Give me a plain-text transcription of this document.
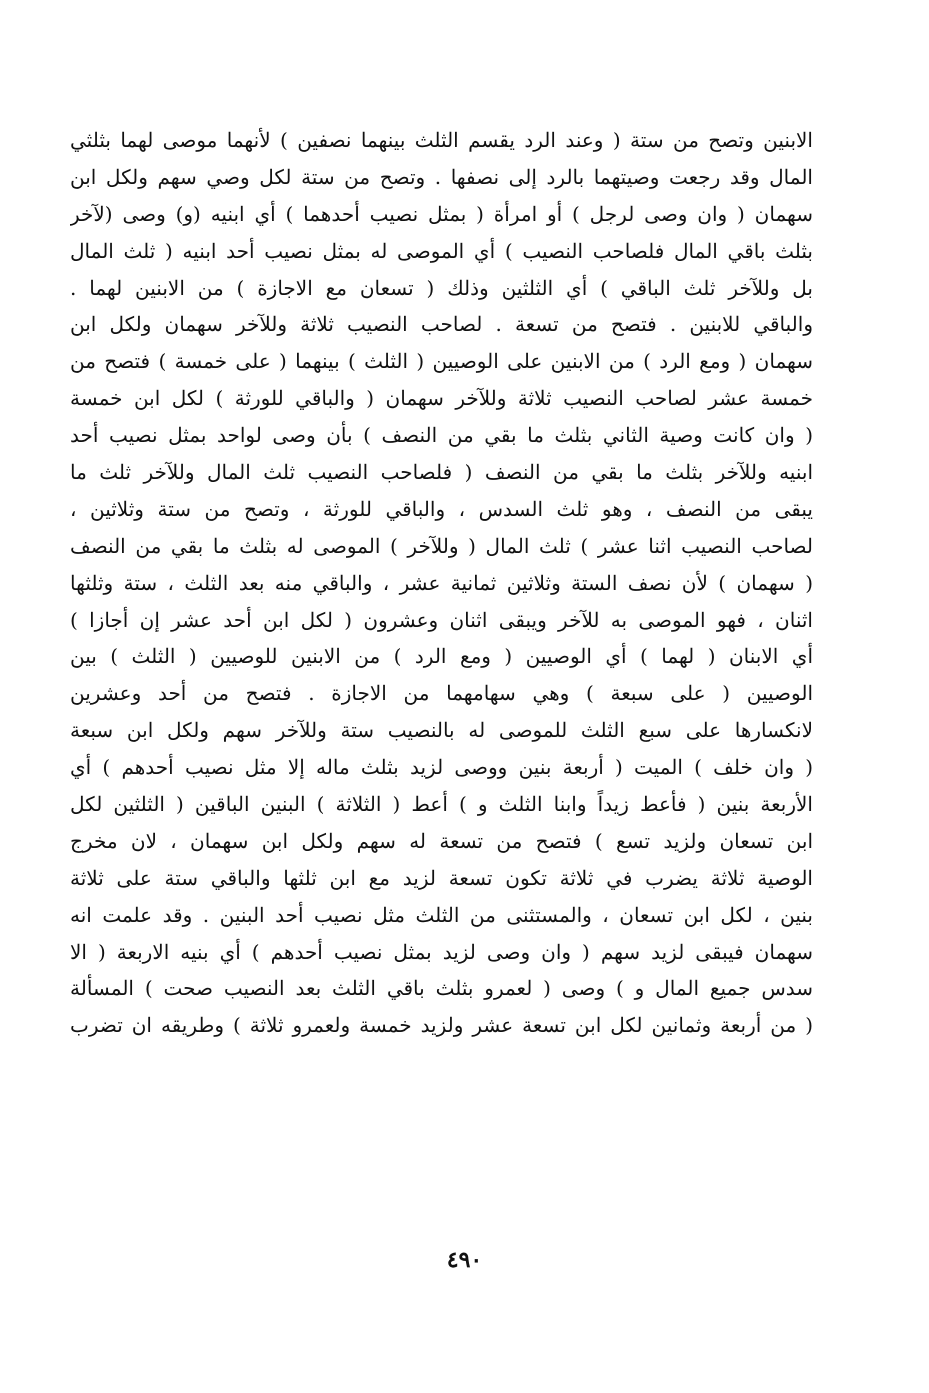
الابنين وتصح من ستة ( وعند الرد يقسم الثلث بينهما نصفين ) لأنهما موصى لهما بثلثي
المال وقد رجعت وصيتهما بالرد إلى نصفها . وتصح من ستة لكل وصي سهم ولكل ابن
سهمان ( وان وصى لرجل ) أو امرأة ( بمثل نصيب أحدهما ) أي ابنيه (و) وصى (لآخر
بثلث باقي المال فلصاحب النصيب ) أي الموصى له بمثل نصيب أحد ابنيه ( ثلث المال
بل وللآخر ثلث الباقي ) أي الثلثين وذلك ( تسعان مع الاجازة ) من الابنين لهما .
والباقي للابنين . فتصح من تسعة . لصاحب النصيب ثلاثة وللآخر سهمان ولكل ابن
سهمان ( ومع الرد ) من الابنين على الوصيين ( الثلث ) بينهما ( على خمسة ) فتصح من
خمسة عشر لصاحب النصيب ثلاثة وللآخر سهمان ( والباقي للورثة ) لكل ابن خمسة
( وان كانت وصية الثاني بثلث ما بقي من النصف ) بأن وصى لواحد بمثل نصيب أحد
ابنيه وللآخر بثلث ما بقي من النصف ( فلصاحب النصيب ثلث المال وللآخر ثلث ما
يبقى من النصف ، وهو ثلث السدس ، والباقي للورثة ، وتصح من ستة وثلاثين ،
لصاحب النصيب اثنا عشر ) ثلث المال ( وللآخر ) الموصى له بثلث ما بقي من النصف
( سهمان ) لأن نصف الستة وثلاثين ثمانية عشر ، والباقي منه بعد الثلث ، ستة وثلثها
اثنان ، فهو الموصى به للآخر ويبقى اثنان وعشرون ( لكل ابن أحد عشر إن أجازا )
أي الابنان ( لهما ) أي الوصيين ( ومع الرد ) من الابنين للوصيين ( الثلث ) بين
الوصيين ( على سبعة ) وهي سهامهما من الاجازة . فتصح من أحد وعشرين
لانكسارها على سبع الثلث للموصى له بالنصيب ستة وللآخر سهم ولكل ابن سبعة
( وان خلف ) الميت ( أربعة بنين ووصى لزيد بثلث ماله إلا مثل نصيب أحدهم ) أي
الأربعة بنين ( فأعط زيداً وابنا الثلث و ) أعط ( الثلاثة ) البنين الباقين ( الثلثين لكل
ابن تسعان ولزيد تسع ) فتصح من تسعة له سهم ولكل ابن سهمان ، لان مخرج
الوصية ثلاثة يضرب في ثلاثة تكون تسعة لزيد مع ابن ثلثها والباقي ستة على ثلاثة
بنين ، لكل ابن تسعان ، والمستثنى من الثلث مثل نصيب أحد البنين . وقد علمت انه
سهمان فيبقى لزيد سهم ( وان وصى لزيد بمثل نصيب أحدهم ) أي بنيه الاربعة ( الا
سدس جميع المال و ) وصى ( لعمرو بثلث باقي الثلث بعد النصيب صحت ) المسألة
( من أربعة وثمانين لكل ابن تسعة عشر ولزيد خمسة ولعمرو ثلاثة ) وطريقه ان تضرب
٤٩٠
